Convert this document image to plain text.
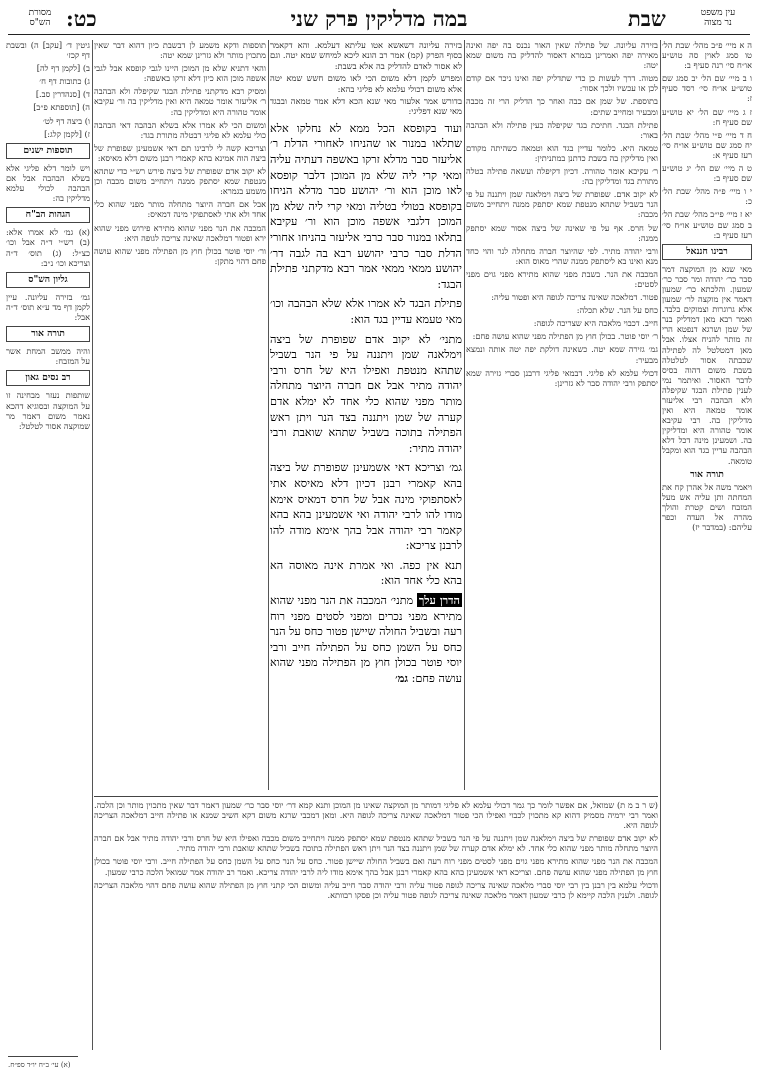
עין משפט
נר מצוה
שבת
במה מדליקין פרק שני
כט:
מסורת
הש"ס

ה א מיי׳ פ״ב מהל׳ שבת הל׳ טו סמג לאוין סה טוש״ע או״ח סי׳ רנה סעיף ב:

ו ב מיי׳ שם הל׳ יב סמג שם טוש״ע או״ח סי׳ רסד סעיף ז:

ז ג מיי׳ שם הל׳ יא טוש״ע שם סעיף ח:

ח ד מיי׳ פ״י מהל׳ שבת הל׳ יח סמג שם טוש״ע או״ח סי׳ רעז סעיף א:

ט ה מיי׳ שם הל׳ יג טוש״ע שם סעיף ב:

י ו מיי׳ פ״ה מהל׳ שבת הל׳ כ:

יא ז מיי׳ פי״ב מהל׳ שבת הל׳ ב סמג שם טוש״ע או״ח סי׳ רעז סעיף ב:

רבינו חננאל

מאי שנא מן המוקצה דמר סבר כר׳ יהודה ומר סבר כר׳ שמעון. והלכתא כר׳ שמעון דאמר אין מוקצה לר׳ שמעון אלא גרוגרות וצמוקים בלבד. ואמר רבא מאן דמדליק בנר של שמן ושרגא דנפטא הרי זה מותר להניח אצלו. אבל מאן דמטלטל לה לפתילה שכבתה אסור לטלטלה בשבת משום דהוה בסיס לדבר האסור. ואיתמר נמי לענין פתילת הבגד שקיפלה ולא הבהבה רבי אליעזר אומר טמאה היא ואין מדליקין בה. רבי עקיבא אומר טהורה היא ומדליקין בה. ושמעינן מינה דכל דלא הבהבה עדיין בגד הוא ומקבל טומאה.

תורה אור

ויאמר משה אל אהרן קח את המחתה ותן עליה אש מעל המזבח ושים קטרת והולך מהרה אל העדה וכפר עליהם: (במדבר יז)

בזירה עליונה. של פתילה שאין האור נכנס בה יפה ואינה מאירה יפה ואמרינן בגמרא דאסור להדליק בה משום שמא יטה:

מטוה. דרך לעשות כן כדי שתדליק יפה ואינו ניכר אם קודם לכן או עכשיו ולכך אסור:

בתוספת. של שמן אם כבה ואחר כך הדליק הרי זה מכבה ומבעיר ומחייב שתים:

פתילת הבגד. חתיכת בגד שקיפלה כעין פתילה ולא הבהבה באור:

טמאה היא. כלומר עדיין בגד הוא וטמאה כשהיתה מקודם ואין מדליקין בה בשבת כדתנן במתניתין:

ר׳ עקיבא אומר טהורה. דכיון דקיפלה ועשאה פתילה בטלה מתורת בגד ומדליקין בה:

לא יקוב אדם. שפופרת של ביצה וימלאנה שמן ויתננה על פי הנר בשביל שתהא מנטפת שמא יסתפק ממנה ויתחייב משום מכבה:

של חרס. אף על פי שאינה של ביצה אסור שמא יסתפק ממנה:

ורבי יהודה מתיר. לפי שהיוצר חברה מתחלה לנר והוי כחד מנא ואינו בא ליסתפק ממנה שהרי מאוס הוא:

המכבה את הנר. בשבת מפני שהוא מתירא מפני גוים מפני לסטים:

פטור. דמלאכה שאינה צריכה לגופה היא ופטור עליה:

כחס על הנר. שלא תכלה:

חייב. דכבוי מלאכה היא שצריכה לגופה:

ר׳ יוסי פוטר. בכולן חוץ מן הפתילה מפני שהוא עושה פחם:

גמ׳ גזירה שמא יטה. כשאינה דולקת יפה יטה אותה ונמצא מבעיר:

דכולי עלמא לא פליגי. דבמאי פליגי דרבנן סברי גזירה שמא יסתפק ורבי יהודה סבר לא גזרינן:

בזירה עליונה דשאשא אטו עליתא דעלמא. והא דקאמר בסוף הפרק (קמ) אמר רב הונא ליכא למיחש שמא יטה. וגם לא אסור לאדם להדליק בה אלא בשבת:

ומפרש לקמן דלא משום הכי לאו משום חשש שמא יטה אלא משום דכולי עלמא לא פליגי בהא:

בדורש אמר אלעזר מאי שנא הכא דלא אמר טמאה ובבגד מאי שנא דפליגי:

ועוד בקופסא הכל ממא לא נחלקו אלא שתלאו במנור או שהניחו לאחורי הדלת ר׳ אליעזר סבר מדלא זרקו באשפה דעתיה עליה ומאי קרי ליה שלא מן המוכן דלבר קופסא לאו מוכן הוא ור׳ יהושע סבר מדלא הניחו בקופסא בטולי בטליה ומאי קרי ליה שלא מן המוכן דלגבי אשפה מוכן הוא ור׳ עקיבא בתלאו במנור סבר כרבי אליעזר בהניחו אחורי הדלת סבר כרבי יהושע רבא בה לגבה דר׳ יהושע ממאי ממאי אמר רבא מדקתני פתילת הבגד:

פתילת הבגד לא אמרו אלא שלא הבהבה וכו׳ מאי טעמא עדיין בגד הוא:

מתני׳ לא יקוב אדם שפופרת של ביצה וימלאנה שמן ויתננה על פי הנר בשביל שתהא מנטפת ואפילו היא של חרס ורבי יהודה מתיר אבל אם חברה היוצר מתחלה מותר מפני שהוא כלי אחד לא ימלא אדם קערה של שמן ויתננה בצד הנר ויתן ראש הפתילה בתוכה בשביל שתהא שואבת ורבי יהודה מתיר:

גמ׳ וצריכא דאי אשמעינן שפופרת של ביצה בהא קאמרי רבנן דכיון דלא מאיסא אתי לאסתפוקי מינה אבל של חרס דמאיס אימא מודו להו לרבי יהודה ואי אשמעינן בהא בהא קאמר רבי יהודה אבל בהך אימא מודה להו לרבנן צריכא:

תנא אין כפה. ואי אמרת אינה מאוסה הא בהא כלי אחד הוא:

הדרן עלך מתני׳ המכבה את הנר מפני שהוא מתירא מפני נכרים ומפני לסטים מפני רוח רעה ובשביל החולה שיישן פטור כחס על הנר כחס על השמן כחס על הפתילה חייב ורבי יוסי פוטר בכולן חוץ מן הפתילה מפני שהוא עושה פחם: גמ׳

תוספות ודקא משמע לן דבשבת כיון דהוא דבר שאין מתכוין מותר ולא גזרינן שמא יטה:

והאי דתניא שלא מן המוכן היינו לגבי קופסא אבל לגבי אשפה מוכן הוא כיון דלא זרקו באשפה:

ומסיק רבא מדקתני פתילת הבגד שקיפלה ולא הבהבה ר׳ אליעזר אומר טמאה היא ואין מדליקין בה ור׳ עקיבא אומר טהורה היא ומדליקין בה:

ומשום הכי לא אמרו אלא בשלא הבהבה דאי הבהבה כולי עלמא לא פליגי דבטלה מתורת בגד:

וצריכא קשה לי לרבינו תם דאי אשמעינן שפופרת של ביצה הוה אמינא בהא קאמרי רבנן משום דלא מאיסא:

לא יקוב אדם שפופרת של ביצה פירש רש״י כדי שתהא מנטפת שמא יסתפק ממנה ויתחייב משום מכבה וכן משמע בגמרא:

אבל אם חברה היוצר מתחלה מותר מפני שהוא כלי אחד ולא אתי לאסתפוקי מינה דמאיס:

המכבה את הנר מפני שהוא מתירא פירוש מפני שהוא ירא ופטור דמלאכה שאינה צריכה לגופה היא:

ור׳ יוסי פוטר בכולן חוץ מן הפתילה מפני שהוא עושה פחם דהוי מתקן:

גיטין ד׳ [עקב] ה) ובשבת דף קכז׳

ב) [לקמן דף לה]

ג) כתובות דף ח׳

ד) [סנהדרין סב.]

ה) [תוספתא פ״ב]

ו) ביצה דף לט׳

ז) [לקמן קלג:]

תוספות ישנים

ויש לומר דלא פליגי אלא בשלא הבהבה אבל אם הבהבה לכולי עלמא מדליקין בה:

הגהות הב"ח

(א) גמ׳ לא אמרו אלא: (ב) רש״י ד״ה אבל וכו׳ כצ״ל: (ג) תוס׳ ד״ה וצריכא וכו׳ נ״ב:

גליון הש"ס

גמ׳ בזירה עליונה. עיין לקמן דף מד ע״א תוס׳ ד״ה אבל:

תורה אור

והיה ממשב המחת אשר על המזבח:

רב נסים גאון

שותפות נעזר מבחינה זו על המוקצה ובסוגיא דהכא נאמר משום דאמר מר שמוקצה אסור לטלטל:

(ש ר ב מ ת) שמואל, אם אפשר לומר כך גמר דכולי עלמא לא פליגי דמותר מן המוקצה שאינו מן המוכן ותנא קמא דר׳ יוסי סבר כר׳ שמעון דאמר דבר שאין מתכוין מותר וכן הלכה. ואמר רבי ירמיה מסמיק דהוא קא מתכוין לכבוי ואפילו הכי פטור דמלאכה שאינה צריכה לגופה היא. ומאן דמכבי שרגא משום דקא חשיב שמנא או פתילה חייב דמלאכה הצריכה לגופה היא.

לא יקוב אדם שפופרת של ביצה וימלאנה שמן ויתננה על פי הנר בשביל שתהא מנטפת שמא יסתפק ממנה ויתחייב משום מכבה ואפילו היא של חרס ורבי יהודה מתיר אבל אם חברה היוצר מתחלה מותר מפני שהוא כלי אחד. לא ימלא אדם קערה של שמן ויתננה בצד הנר ויתן ראש הפתילה בתוכה בשביל שתהא שואבת ורבי יהודה מתיר.

המכבה את הנר מפני שהוא מתירא מפני גוים מפני לסטים מפני רוח רעה ואם בשביל החולה שיישן פטור. כחס על הנר כחס על השמן כחס על הפתילה חייב. ורבי יוסי פוטר בכולן חוץ מן הפתילה מפני שהוא עושה פחם. וצריכא דאי אשמעינן בהא בהא קאמרי רבנן אבל בהך אימא מודו ליה לרבי יהודה צריכא. ואמר רב יהודה אמר שמואל הלכה כרבי שמעון.

ודכולי עלמא בין רבנן בין רבי יוסי סברי מלאכה שאינה צריכה לגופה פטור עליה ורבי יהודה סבר חייב עליה ומשום הכי קתני חוץ מן הפתילה שהוא עושה פחם דהוי מלאכה הצריכה לגופה. ולענין הלכה קיימא לן כרבי שמעון דאמר מלאכה שאינה צריכה לגופה פטור עליה וכן פסקו רבוותא.

(א) עי׳ ב״ח יו״ד ספ״ח.
